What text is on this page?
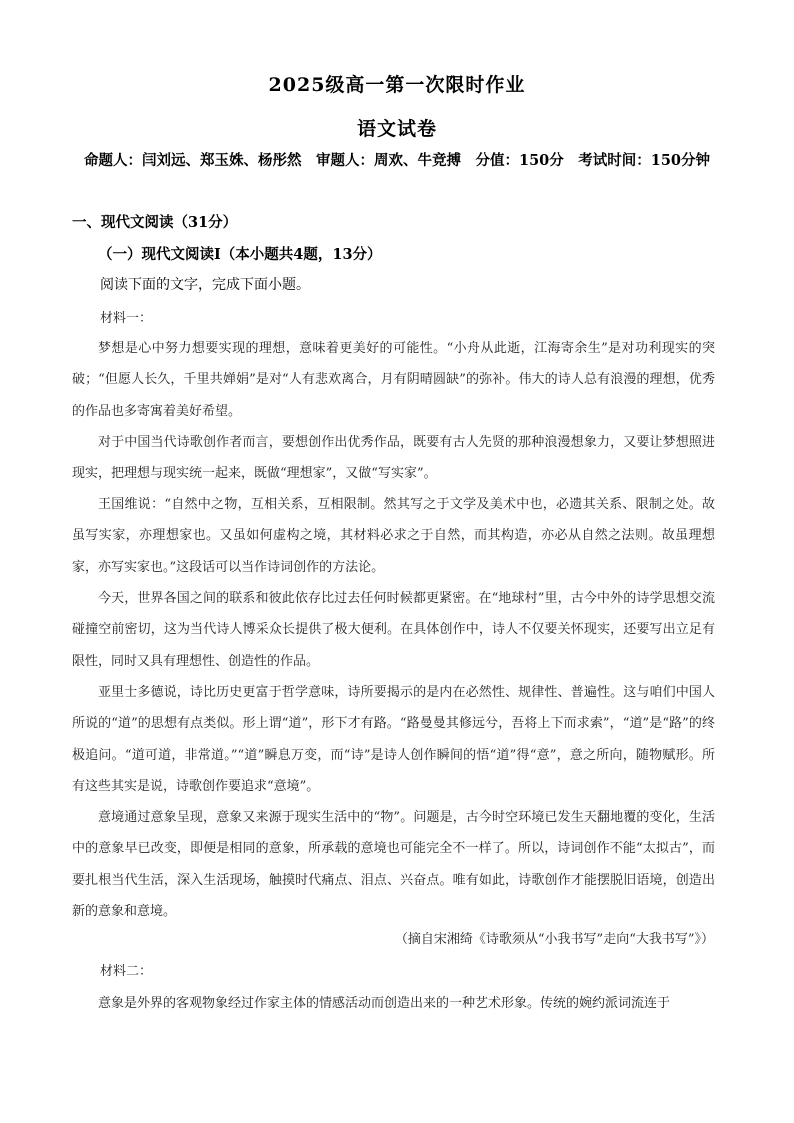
2025级高一第一次限时作业
语文试卷
命题人：闫刘远、郑玉姝、杨彤然　审题人：周欢、牛竞搏　分值：150分　考试时间：150分钟
一、现代文阅读（31分）
（一）现代文阅读Ⅰ（本小题共4题，13分）
阅读下面的文字，完成下面小题。
材料一：
梦想是心中努力想要实现的理想，意味着更美好的可能性。“小舟从此逝，江海寄余生”是对功利现实的突破；“但愿人长久，千里共婵娟”是对“人有悲欢离合，月有阴晴圆缺”的弥补。伟大的诗人总有浪漫的理想，优秀的作品也多寄寓着美好希望。
对于中国当代诗歌创作者而言，要想创作出优秀作品，既要有古人先贤的那种浪漫想象力，又要让梦想照进现实，把理想与现实统一起来，既做“理想家”，又做“写实家”。
王国维说：“自然中之物，互相关系，互相限制。然其写之于文学及美术中也，必遗其关系、限制之处。故虽写实家，亦理想家也。又虽如何虚构之境，其材料必求之于自然，而其构造，亦必从自然之法则。故虽理想家，亦写实家也。”这段话可以当作诗词创作的方法论。
今天，世界各国之间的联系和彼此依存比过去任何时候都更紧密。在“地球村”里，古今中外的诗学思想交流碰撞空前密切，这为当代诗人博采众长提供了极大便利。在具体创作中，诗人不仅要关怀现实，还要写出立足有限性，同时又具有理想性、创造性的作品。
亚里士多德说，诗比历史更富于哲学意味，诗所要揭示的是内在必然性、规律性、普遍性。这与咱们中国人所说的“道”的思想有点类似。形上谓“道”，形下才有路。“路曼曼其修远兮，吾将上下而求索”，“道”是“路”的终极追问。“道可道，非常道。”“道”瞬息万变，而“诗”是诗人创作瞬间的悟“道”得“意”，意之所向，随物赋形。所有这些其实是说，诗歌创作要追求“意境”。
意境通过意象呈现，意象又来源于现实生活中的“物”。问题是，古今时空环境已发生天翻地覆的变化，生活中的意象早已改变，即便是相同的意象，所承载的意境也可能完全不一样了。所以，诗词创作不能“太拟古”，而要扎根当代生活，深入生活现场，触摸时代痛点、泪点、兴奋点。唯有如此，诗歌创作才能摆脱旧语境，创造出新的意象和意境。
（摘自宋湘绮《诗歌须从“小我书写”走向“大我书写”》）
材料二：
意象是外界的客观物象经过作家主体的情感活动而创造出来的一种艺术形象。传统的婉约派词流连于
